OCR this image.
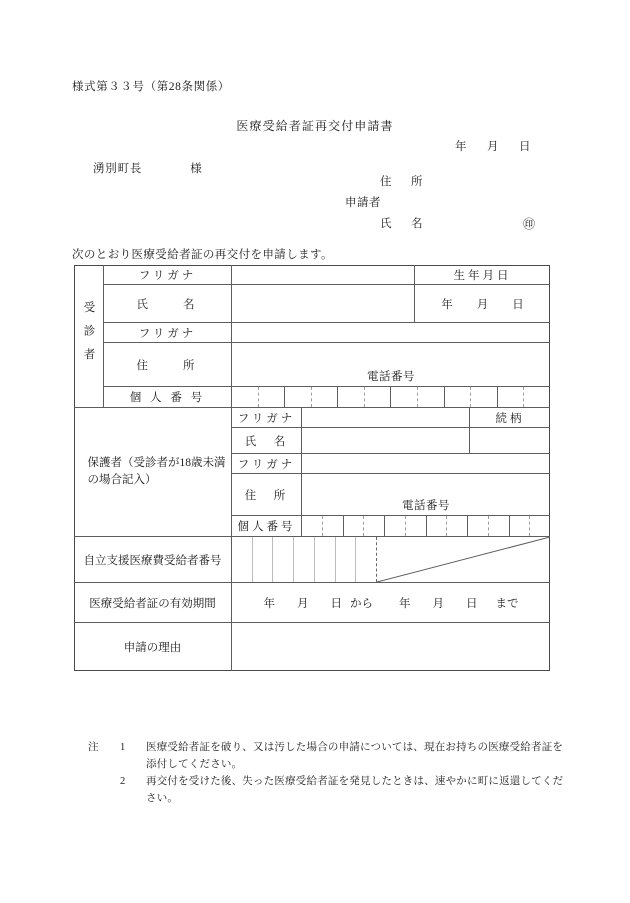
様式第３３号（第28条関係）
医療受給者証再交付申請書
年 月 日
湧別町長	様
住　所
申請者
氏　名	㊞
次のとおり医療受給者証の再交付を申請します。
受診者
フリガナ	生年月日
氏　　名	年 月 日
フリガナ
住　　所
電話番号
個 人 番 号
保護者（受診者が18歳未満
の場合記入）
フリガナ	続柄
氏　名
フリガナ
住　所
電話番号
個人番号
自立支援医療費受給者番号
医療受給者証の有効期間	年 月 日 から 年 月 日 まで
申請の理由
注 1 医療受給者証を破り、又は汚した場合の申請については、現在お持ちの医療受給者証を添付してください。
2 再交付を受けた後、失った医療受給者証を発見したときは、速やかに町に返還してください。
